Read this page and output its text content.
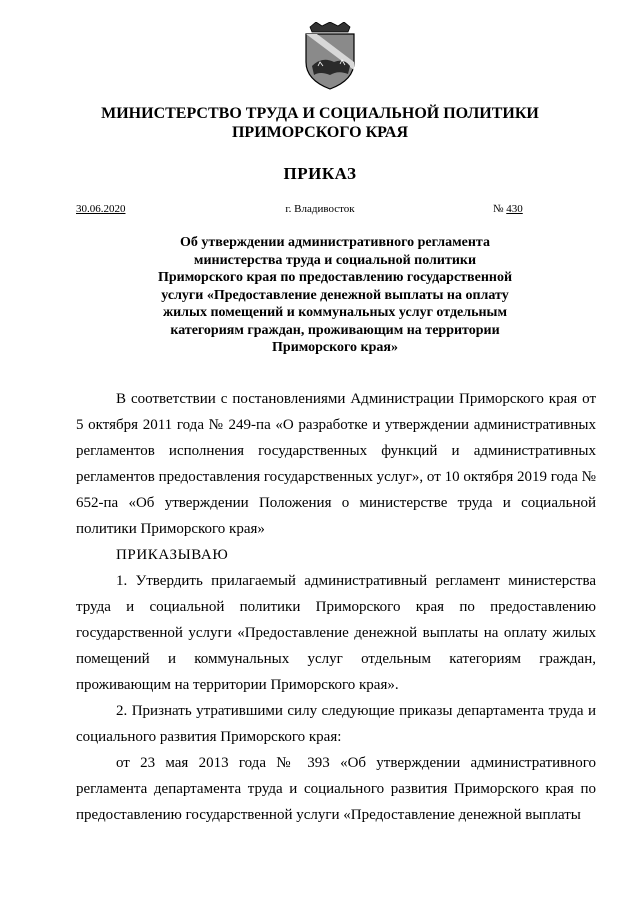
МИНИСТЕРСТВО ТРУДА И СОЦИАЛЬНОЙ ПОЛИТИКИ
ПРИМОРСКОГО КРАЯ
ПРИКАЗ
30.06.2020	г. Владивосток	№ 430
Об утверждении административного регламента
министерства труда и социальной политики
Приморского края по предоставлению государственной
услуги «Предоставление денежной выплаты на оплату
жилых помещений и коммунальных услуг отдельным
категориям граждан, проживающим на территории
Приморского края»

В соответствии с постановлениями Администрации Приморского края от 5 октября 2011 года № 249-па «О разработке и утверждении административных регламентов исполнения государственных функций и административных регламентов предоставления государственных услуг», от 10 октября 2019 года № 652-па «Об утверждении Положения о министерстве труда и социальной политики Приморского края»

ПРИКАЗЫВАЮ

1. Утвердить прилагаемый административный регламент министерства труда и социальной политики Приморского края по предоставлению государственной услуги «Предоставление денежной выплаты на оплату жилых помещений и коммунальных услуг отдельным категориям граждан, проживающим на территории Приморского края».

2. Признать утратившими силу следующие приказы департамента труда и социального развития Приморского края:

от 23 мая 2013 года № 393 «Об утверждении административного регламента департамента труда и социального развития Приморского края по предоставлению государственной услуги «Предоставление денежной выплаты
